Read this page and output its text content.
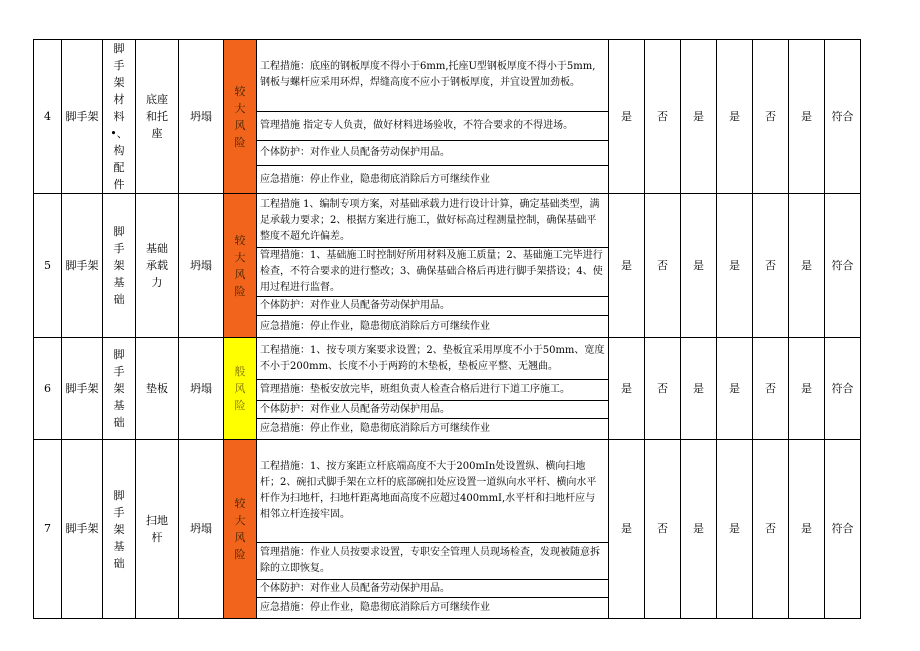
4	脚手架	脚手架材料•、构配件	底座和托座	坍塌	较大风险	工程措施：底座的钢板厚度不得小于6mm,托座U型钢板厚度不得小于5mm,钢板与螺杆应采用环焊，焊缝高度不应小于钢板厚度，并宜设置加劲板。	是	否	是	是	否	是	符合
						管理措施 指定专人负责，做好材料进场验收，不符合要求的不得进场。							
						个体防护：对作业人员配备劳动保护用品。							
						应急措施：停止作业，隐患彻底消除后方可继续作业							
5	脚手架	脚手架基础	基础承载力	坍塌	较大风险	工程措施 1、编制专项方案，对基础承载力进行设计计算，确定基础类型，满足承载力要求；2、根据方案进行施工，做好标高过程测量控制，确保基础平整度不超允许偏差。	是	否	是	是	否	是	符合
						管理措施：1、基础施工时控制好所用材料及施工质量；2、基础施工完毕进行检查，不符合要求的进行整改；3、确保基础合格后再进行脚手架搭设；4、使用过程进行监督。							
						个体防护：对作业人员配备劳动保护用品。							
						应急措施：停止作业，隐患彻底消除后方可继续作业							
6	脚手架	脚手架基础	垫板	坍塌	般风险	工程措施：1、按专项方案要求设置；2、垫板宜采用厚度不小于50mm、宽度不小于200mm、长度不小于两跨的木垫板，垫板应平整、无翘曲。	是	否	是	是	否	是	符合
						管理措施：垫板安放完毕，班组负责人检查合格后进行下道工序施工。							
						个体防护：对作业人员配备劳动保护用品。							
						应急措施：停止作业，隐患彻底消除后方可继续作业							
7	脚手架	脚手架基础	扫地杆	坍塌	较大风险	工程措施：1、按方案距立杆底端高度不大于200mIn处设置纵、横向扫地杆；2、碗扣式脚手架在立杆的底部碗扣处应设置一道纵向水平杆、横向水平杆作为扫地杆，扫地杆距离地面高度不应超过400mmI,水平杆和扫地杆应与相邻立杆连接牢固。	是	否	是	是	否	是	符合
						管理措施：作业人员按要求设置，专职安全管理人员现场检查，发现被随意拆除的立即恢复。							
						个体防护：对作业人员配备劳动保护用品。							
						应急措施：停止作业，隐患彻底消除后方可继续作业							
